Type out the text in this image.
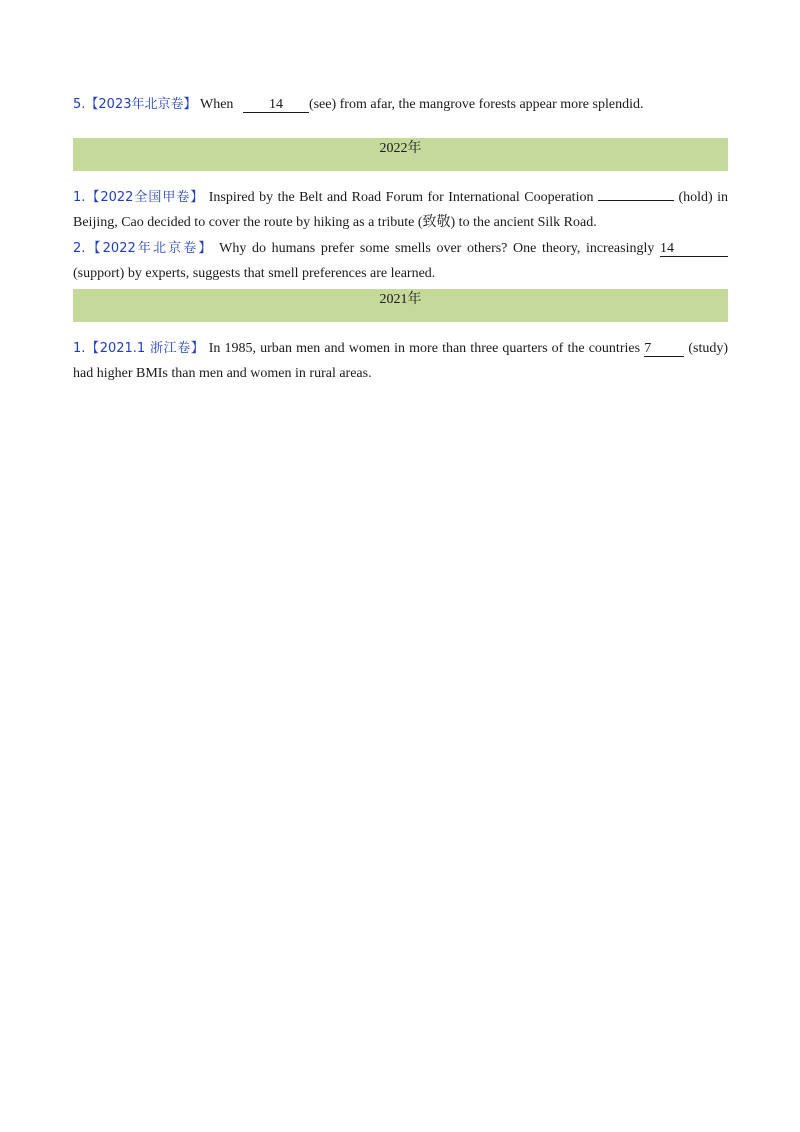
5.【2023年北京卷】 When	14 (see) from afar, the mangrove forests appear more splendid.
2022年
1.【2022全国甲卷】 Inspired by the Belt and Road Forum for International Cooperation	(hold) in
Beijing, Cao decided to cover the route by hiking as a tribute (致敬) to the ancient Silk Road.
2.【2022年北京卷】 Why do humans prefer some smells over others? One theory, increasingly 14
(support) by experts, suggests that smell preferences are learned.
2021年
1.【2021.1 浙江卷】 In 1985, urban men and women in more than three quarters of the countries 7	(study)
had higher BMIs than men and women in rural areas.
